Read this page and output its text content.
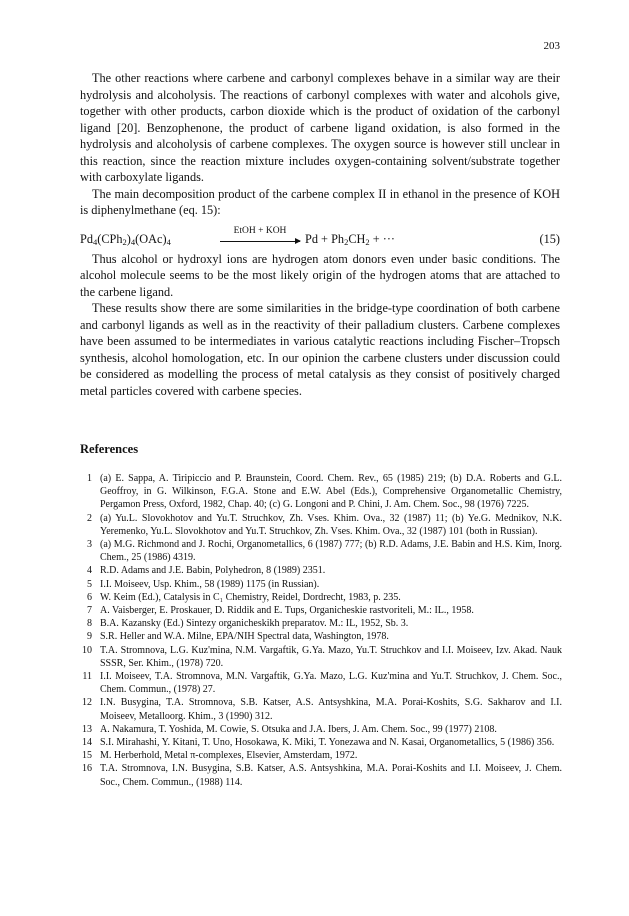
203

The other reactions where carbene and carbonyl complexes behave in a similar way are their hydrolysis and alcoholysis. The reactions of carbonyl complexes with water and alcohols give, together with other products, carbon dioxide which is the product of oxidation of the carbonyl ligand [20]. Benzophenone, the product of carbene ligand oxidation, is also formed in the hydrolysis and alcoholysis of carbene complexes. The oxygen source is however still unclear in this reaction, since the reaction mixture includes oxygen-containing solvent/substrate together with carboxylate ligands.

The main decomposition product of the carbene complex II in ethanol in the presence of KOH is diphenylmethane (eq. 15):

$Pd_4(CPh_2)_4(OAc)_4$
EtOH + KOH
$Pd + Ph_2CH_2$ + ···	(15)

Thus alcohol or hydroxyl ions are hydrogen atom donors even under basic conditions. The alcohol molecule seems to be the most likely origin of the hydrogen atoms that are attached to the carbene ligand.

These results show there are some similarities in the bridge-type coordination of both carbene and carbonyl ligands as well as in the reactivity of their palladium clusters. Carbene complexes have been assumed to be intermediates in various catalytic reactions including Fischer–Tropsch synthesis, alcohol homologation, etc. In our opinion the carbene clusters under discussion could be considered as modelling the process of metal catalysis as they consist of positively charged metal particles covered with carbene species.

References
1 (a) E. Sappa, A. Tiripiccio and P. Braunstein, Coord. Chem. Rev., 65 (1985) 219; (b) D.A. Roberts and G.L. Geoffroy, in G. Wilkinson, F.G.A. Stone and E.W. Abel (Eds.), Comprehensive Organometallic Chemistry, Pergamon Press, Oxford, 1982, Chap. 40; (c) G. Longoni and P. Chini, J. Am. Chem. Soc., 98 (1976) 7225.
2 (a) Yu.L. Slovokhotov and Yu.T. Struchkov, Zh. Vses. Khim. Ova., 32 (1987) 11; (b) Ye.G. Mednikov, N.K. Yeremenko, Yu.L. Slovokhotov and Yu.T. Struchkov, Zh. Vses. Khim. Ova., 32 (1987) 101 (both in Russian).
3 (a) M.G. Richmond and J. Rochi, Organometallics, 6 (1987) 777; (b) R.D. Adams, J.E. Babin and H.S. Kim, Inorg. Chem., 25 (1986) 4319.
4 R.D. Adams and J.E. Babin, Polyhedron, 8 (1989) 2351.
5 I.I. Moiseev, Usp. Khim., 58 (1989) 1175 (in Russian).
6 W. Keim (Ed.), Catalysis in C₁ Chemistry, Reidel, Dordrecht, 1983, p. 235.
7 A. Vaisberger, E. Proskauer, D. Riddik and E. Tups, Organicheskie rastvoriteli, M.: IL., 1958.
8 B.A. Kazansky (Ed.) Sintezy organicheskikh preparatov. M.: IL, 1952, Sb. 3.
9 S.R. Heller and W.A. Milne, EPA/NIH Spectral data, Washington, 1978.
10 T.A. Stromnova, L.G. Kuz'mina, N.M. Vargaftik, G.Ya. Mazo, Yu.T. Struchkov and I.I. Moiseev, Izv. Akad. Nauk SSSR, Ser. Khim., (1978) 720.
11 I.I. Moiseev, T.A. Stromnova, M.N. Vargaftik, G.Ya. Mazo, L.G. Kuz'mina and Yu.T. Struchkov, J. Chem. Soc., Chem. Commun., (1978) 27.
12 I.N. Busygina, T.A. Stromnova, S.B. Katser, A.S. Antsyshkina, M.A. Porai-Koshits, S.G. Sakharov and I.I. Moiseev, Metalloorg. Khim., 3 (1990) 312.
13 A. Nakamura, T. Yoshida, M. Cowie, S. Otsuka and J.A. Ibers, J. Am. Chem. Soc., 99 (1977) 2108.
14 S.I. Mirahashi, Y. Kitani, T. Uno, Hosokawa, K. Miki, T. Yonezawa and N. Kasai, Organometallics, 5 (1986) 356.
15 M. Herberhold, Metal π-complexes, Elsevier, Amsterdam, 1972.
16 T.A. Stromnova, I.N. Busygina, S.B. Katser, A.S. Antsyshkina, M.A. Porai-Koshits and I.I. Moiseev, J. Chem. Soc., Chem. Commun., (1988) 114.
